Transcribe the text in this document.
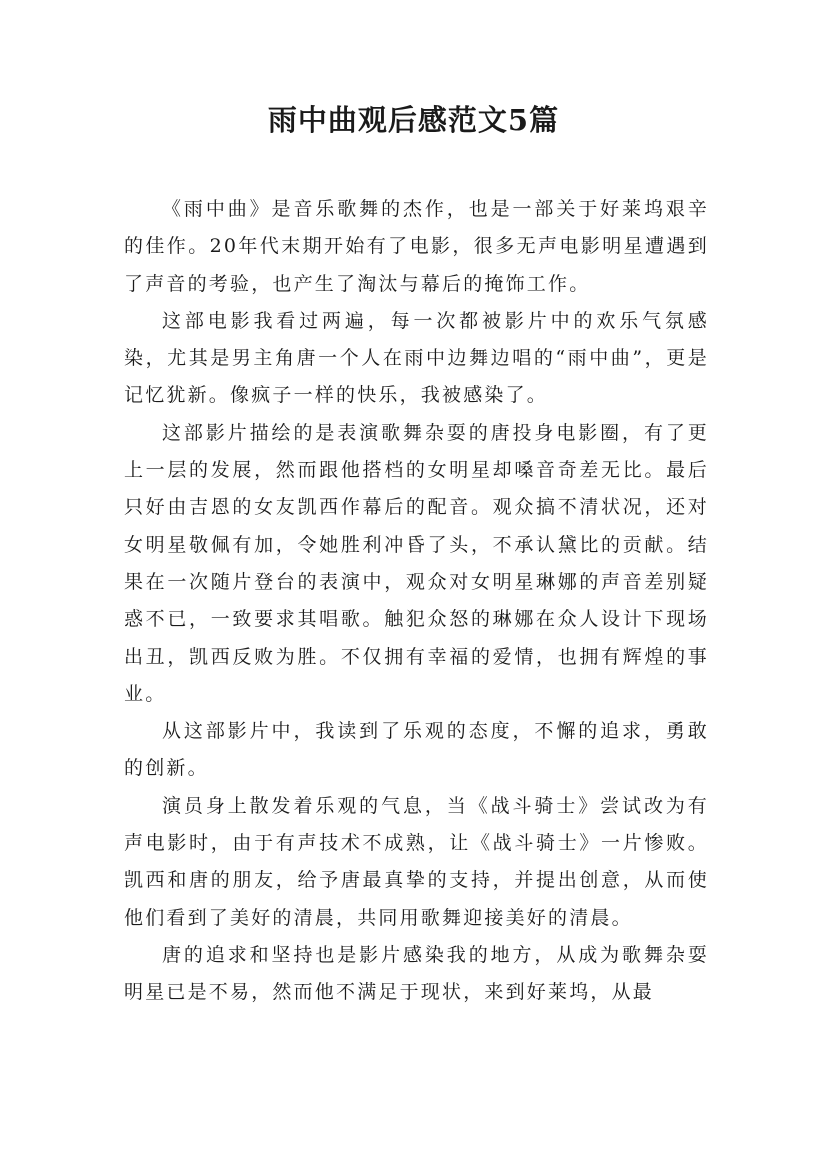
雨中曲观后感范文5篇

《雨中曲》是音乐歌舞的杰作，也是一部关于好莱坞艰辛的佳作。20年代末期开始有了电影，很多无声电影明星遭遇到了声音的考验，也产生了淘汰与幕后的掩饰工作。

这部电影我看过两遍，每一次都被影片中的欢乐气氛感染，尤其是男主角唐一个人在雨中边舞边唱的“雨中曲”，更是记忆犹新。像疯子一样的快乐，我被感染了。

这部影片描绘的是表演歌舞杂耍的唐投身电影圈，有了更上一层的发展，然而跟他搭档的女明星却嗓音奇差无比。最后只好由吉恩的女友凯西作幕后的配音。观众搞不清状况，还对女明星敬佩有加，令她胜利冲昏了头，不承认黛比的贡献。结果在一次随片登台的表演中，观众对女明星琳娜的声音差别疑惑不已，一致要求其唱歌。触犯众怒的琳娜在众人设计下现场出丑，凯西反败为胜。不仅拥有幸福的爱情，也拥有辉煌的事业。

从这部影片中，我读到了乐观的态度，不懈的追求，勇敢的创新。

演员身上散发着乐观的气息，当《战斗骑士》尝试改为有声电影时，由于有声技术不成熟，让《战斗骑士》一片惨败。凯西和唐的朋友，给予唐最真挚的支持，并提出创意，从而使他们看到了美好的清晨，共同用歌舞迎接美好的清晨。

唐的追求和坚持也是影片感染我的地方，从成为歌舞杂耍明星已是不易，然而他不满足于现状，来到好莱坞，从最
